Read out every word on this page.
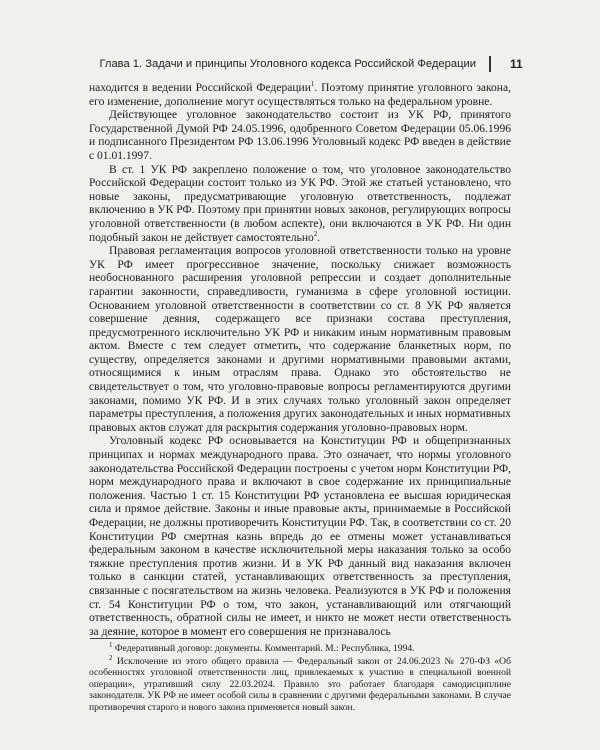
Глава 1. Задачи и принципы Уголовного кодекса Российской Федерации	11

находится в ведении Российской Федерации$^1$. Поэтому принятие уголовного закона, его изменение, дополнение могут осуществляться только на федеральном уровне.

Действующее уголовное законодательство состоит из УК РФ, принятого Государственной Думой РФ 24.05.1996, одобренного Советом Федерации 05.06.1996 и подписанного Президентом РФ 13.06.1996 Уголовный кодекс РФ введен в действие с 01.01.1997.

В ст. 1 УК РФ закреплено положение о том, что уголовное законодательство Российской Федерации состоит только из УК РФ. Этой же статьей установлено, что новые законы, предусматривающие уголовную ответственность, подлежат включению в УК РФ. Поэтому при принятии новых законов, регулирующих вопросы уголовной ответственности (в любом аспекте), они включаются в УК РФ. Ни один подобный закон не действует самостоятельно$^2$.

Правовая регламентация вопросов уголовной ответственности только на уровне УК РФ имеет прогрессивное значение, поскольку снижает возможность необоснованного расширения уголовной репрессии и создает дополнительные гарантии законности, справедливости, гуманизма в сфере уголовной юстиции. Основанием уголовной ответственности в соответствии со ст. 8 УК РФ является совершение деяния, содержащего все признаки состава преступления, предусмотренного исключительно УК РФ и никаким иным нормативным правовым актом. Вместе с тем следует отметить, что содержание бланкетных норм, по существу, определяется законами и другими нормативными правовыми актами, относящимися к иным отраслям права. Однако это обстоятельство не свидетельствует о том, что уголовно-правовые вопросы регламентируются другими законами, помимо УК РФ. И в этих случаях только уголовный закон определяет параметры преступления, а положения других законодательных и иных нормативных правовых актов служат для раскрытия содержания уголовно-правовых норм.

Уголовный кодекс РФ основывается на Конституции РФ и общепризнанных принципах и нормах международного права. Это означает, что нормы уголовного законодательства Российской Федерации построены с учетом норм Конституции РФ, норм международного права и включают в свое содержание их принципиальные положения. Частью 1 ст. 15 Конституции РФ установлена ее высшая юридическая сила и прямое действие. Законы и иные правовые акты, принимаемые в Российской Федерации, не должны противоречить Конституции РФ. Так, в соответствии со ст. 20 Конституции РФ смертная казнь впредь до ее отмены может устанавливаться федеральным законом в качестве исключительной меры наказания только за особо тяжкие преступления против жизни. И в УК РФ данный вид наказания включен только в санкции статей, устанавливающих ответственность за преступления, связанные с посягательством на жизнь человека. Реализуются в УК РФ и положения ст. 54 Конституции РФ о том, что закон, устанавливающий или отягчающий ответственность, обратной силы не имеет, и никто не может нести ответственность за деяние, которое в момент его совершения не признавалось

$^1$ Федеративный договор: документы. Комментарий. М.: Республика, 1994.

$^2$ Исключение из этого общего правила — Федеральный закон от 24.06.2023 № 270-ФЗ «Об особенностях уголовной ответственности лиц, привлекаемых к участию в специальной военной операции», утративший силу 22.03.2024. Правило это работает благодаря самодисциплине законодателя. УК РФ не имеет особой силы в сравнении с другими федеральными законами. В случае противоречия старого и нового закона применяется новый закон.
